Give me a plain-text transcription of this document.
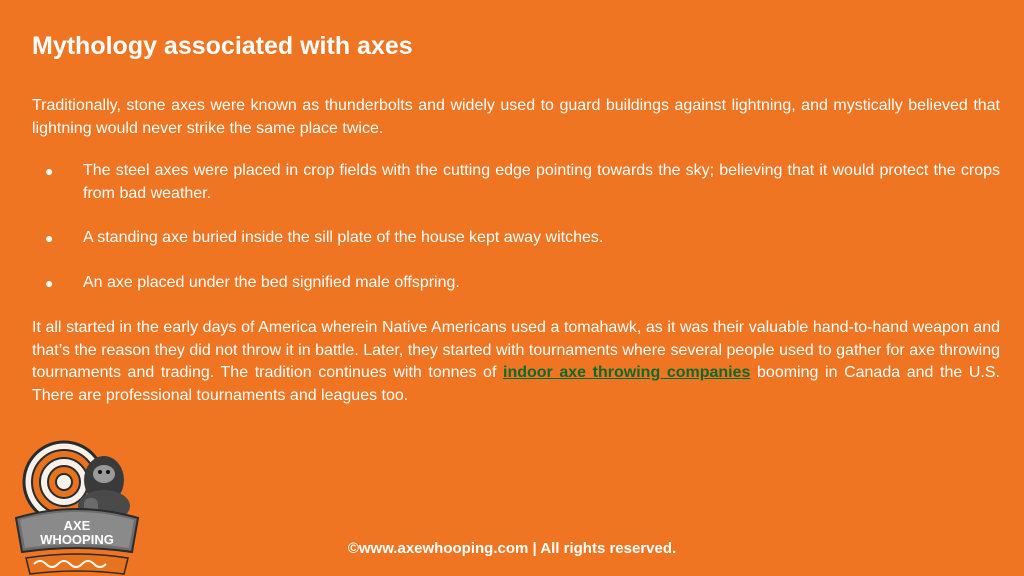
Mythology associated with axes

Traditionally, stone axes were known as thunderbolts and widely used to guard buildings against lightning, and mystically believed that lightning would never strike the same place twice.

● The steel axes were placed in crop fields with the cutting edge pointing towards the sky; believing that it would protect the crops from bad weather.
● A standing axe buried inside the sill plate of the house kept away witches.
● An axe placed under the bed signified male offspring.

It all started in the early days of America wherein Native Americans used a tomahawk, as it was their valuable hand-to-hand weapon and that’s the reason they did not throw it in battle. Later, they started with tournaments where several people used to gather for axe throwing tournaments and trading. The tradition continues with tonnes of indoor axe throwing companies booming in Canada and the U.S. There are professional tournaments and leagues too.

AXE
WHOOPING
©www.axewhooping.com | All rights reserved.
